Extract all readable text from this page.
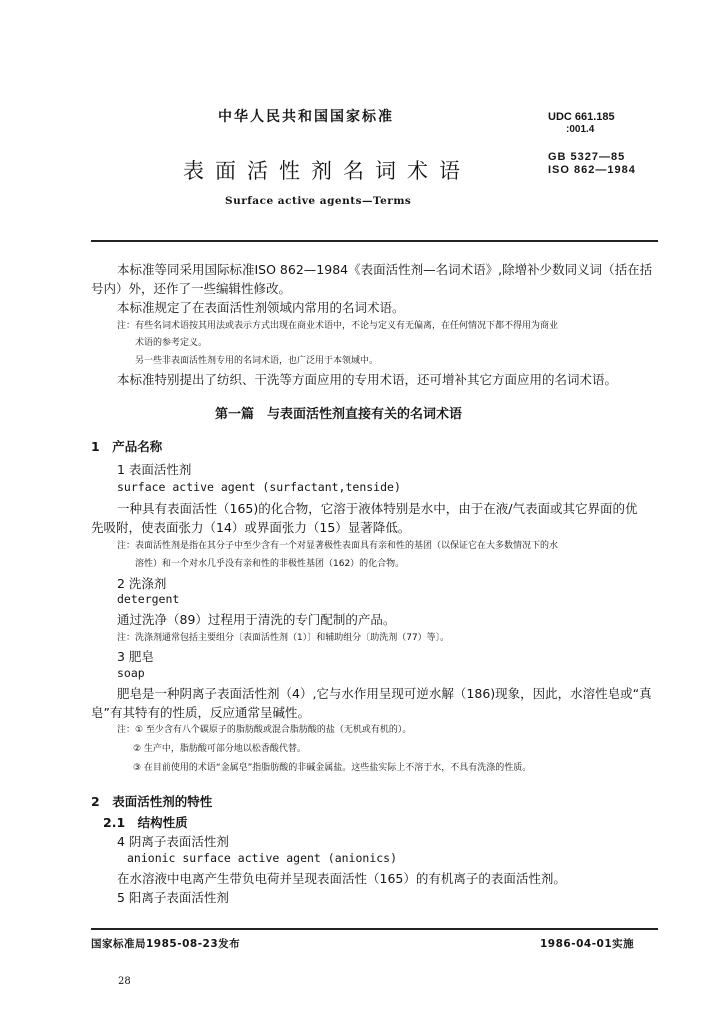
中华人民共和国国家标准	UDC 661.185
:001.4
GB 5327—85
ISO 862—1984
表面活性剂名词术语
Surface active agents—Terms
本标准等同采用国际标准ISO 862—1984《表面活性剂—名词术语》,除增补少数同义词（括在括
号内）外，还作了一些编辑性修改。
本标准规定了在表面活性剂领域内常用的名词术语。
注：有些名词术语按其用法或表示方式出现在商业术语中，不论与定义有无偏离，在任何情况下都不得用为商业
术语的参考定义。
另一些非表面活性剂专用的名词术语，也广泛用于本领域中。
本标准特别提出了纺织、干洗等方面应用的专用术语，还可增补其它方面应用的名词术语。
第一篇　与表面活性剂直接有关的名词术语
1　产品名称
1 表面活性剂
surface active agent (surfactant,tenside)
一种具有表面活性（165)的化合物，它溶于液体特别是水中，由于在液/气表面或其它界面的优
先吸附，使表面张力（14）或界面张力（15）显著降低。
注：表面活性剂是指在其分子中至少含有一个对显著极性表面具有亲和性的基团（以保证它在大多数情况下的水
溶性）和一个对水几乎没有亲和性的非极性基团（162）的化合物。
2 洗涤剂
detergent
通过洗净（89）过程用于清洗的专门配制的产品。
注：洗涤剂通常包括主要组分〔表面活性剂（1）〕和辅助组分〔助洗剂（77）等〕。
3 肥皂
soap
肥皂是一种阴离子表面活性剂（4）,它与水作用呈现可逆水解（186)现象，因此，水溶性皂或“真
皂”有其特有的性质，反应通常呈碱性。
注：① 至少含有八个碳原子的脂肪酸或混合脂肪酸的盐（无机或有机的）。
② 生产中，脂肪酸可部分地以松香酸代替。
③ 在目前使用的术语“金属皂”指脂肪酸的非碱金属盐。这些盐实际上不溶于水，不具有洗涤的性质。
2　表面活性剂的特性
2.1　结构性质
4 阴离子表面活性剂
anionic surface active agent (anionics)
在水溶液中电离产生带负电荷并呈现表面活性（165）的有机离子的表面活性剂。
5 阳离子表面活性剂
国家标准局1985-08-23发布	1986-04-01实施
28
